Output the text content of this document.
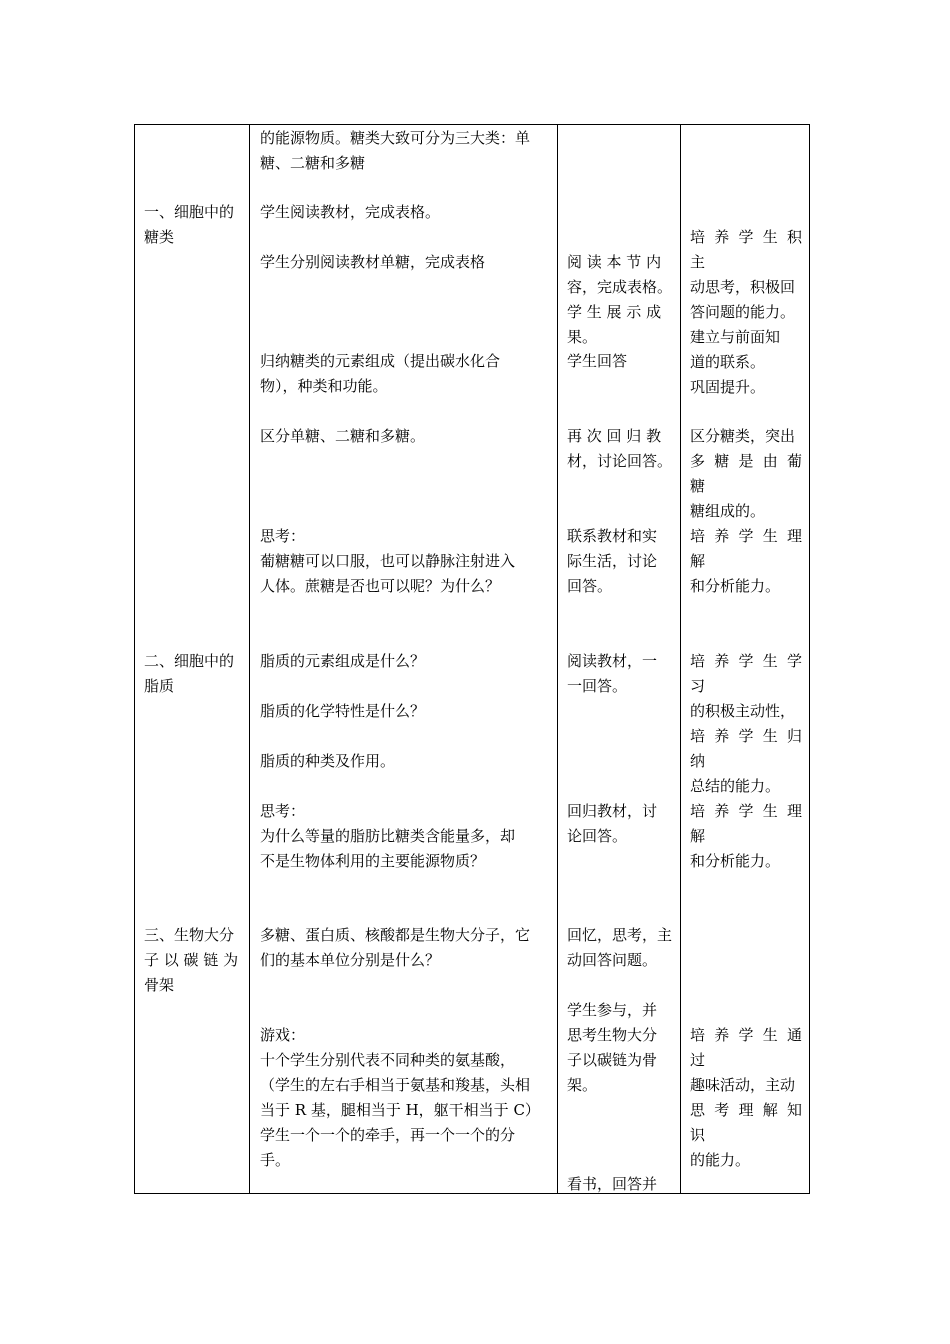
一、细胞中的
糖类
二、细胞中的
脂质
三、生物大分
子 以 碳 链 为
骨架
的能源物质。糖类大致可分为三大类：单
糖、二糖和多糖
学生阅读教材，完成表格。
学生分别阅读教材单糖，完成表格
归纳糖类的元素组成（提出碳水化合
物），种类和功能。
区分单糖、二糖和多糖。
思考：
葡糖糖可以口服，也可以静脉注射进入
人体。蔗糖是否也可以呢？为什么？
脂质的元素组成是什么？
脂质的化学特性是什么？
脂质的种类及作用。
思考：
为什么等量的脂肪比糖类含能量多，却
不是生物体利用的主要能源物质？
多糖、蛋白质、核酸都是生物大分子，它
们的基本单位分别是什么？
游戏：
十个学生分别代表不同种类的氨基酸，
（学生的左右手相当于氨基和羧基，头相
当于 R 基，腿相当于 H，躯干相当于 C）
学生一个一个的牵手，再一个一个的分
手。
阅 读 本 节 内
容，完成表格。
学 生 展 示 成
果。
学生回答
再 次 回 归 教
材，讨论回答。
联系教材和实
际生活，讨论
回答。
阅读教材，一
一回答。
回归教材，讨
论回答。
回忆，思考，主
动回答问题。
学生参与，并
思考生物大分
子以碳链为骨
架。
看书，回答并
培 养 学 生 积 主
动思考，积极回
答问题的能力。
建立与前面知
道的联系。
巩固提升。
区分糖类，突出
多 糖 是 由 葡 糖
糖组成的。
培 养 学 生 理 解
和分析能力。
培 养 学 生 学 习
的积极主动性，
培 养 学 生 归 纳
总结的能力。
培 养 学 生 理 解
和分析能力。
培 养 学 生 通 过
趣味活动，主动
思 考 理 解 知 识
的能力。
